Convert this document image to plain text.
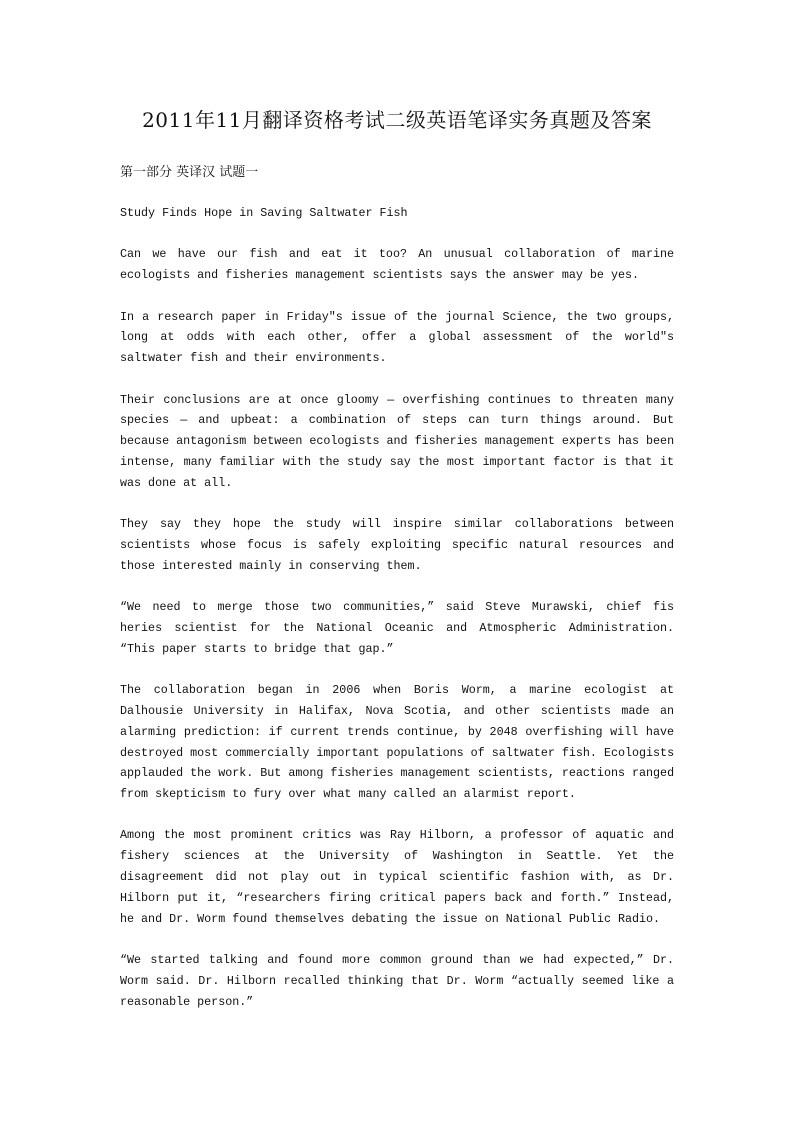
2011年11月翻译资格考试二级英语笔译实务真题及答案
第一部分 英译汉 试题一
Study Finds Hope in Saving Saltwater Fish
Can we have our fish and eat it too? An unusual collaboration of marine
ecologists and fisheries management scientists says the answer may be yes.
In a research paper in Friday"s issue of the journal Science, the two groups,
long at odds with each other, offer a global assessment of the world"s
saltwater fish and their environments.
Their conclusions are at once gloomy — overfishing continues to threaten many
species — and upbeat: a combination of steps can turn things around. But
because antagonism between ecologists and fisheries management experts has been
intense, many familiar with the study say the most important factor is that it
was done at all.
They say they hope the study will inspire similar collaborations between
scientists whose focus is safely exploiting specific natural resources and
those interested mainly in conserving them.
“We need to merge those two communities,” said Steve Murawski, chief fis
heries scientist for the National Oceanic and Atmospheric Administration.
“This paper starts to bridge that gap.”
The collaboration began in 2006 when Boris Worm, a marine ecologist at
Dalhousie University in Halifax, Nova Scotia, and other scientists made an
alarming prediction: if current trends continue, by 2048 overfishing will have
destroyed most commercially important populations of saltwater fish. Ecologists
applauded the work. But among fisheries management scientists, reactions ranged
from skepticism to fury over what many called an alarmist report.
Among the most prominent critics was Ray Hilborn, a professor of aquatic and
fishery sciences at the University of Washington in Seattle. Yet the
disagreement did not play out in typical scientific fashion with, as Dr.
Hilborn put it, “researchers firing critical papers back and forth.” Instead,
he and Dr. Worm found themselves debating the issue on National Public Radio.
“We started talking and found more common ground than we had expected,” Dr.
Worm said. Dr. Hilborn recalled thinking that Dr. Worm “actually seemed like a
reasonable person.”
